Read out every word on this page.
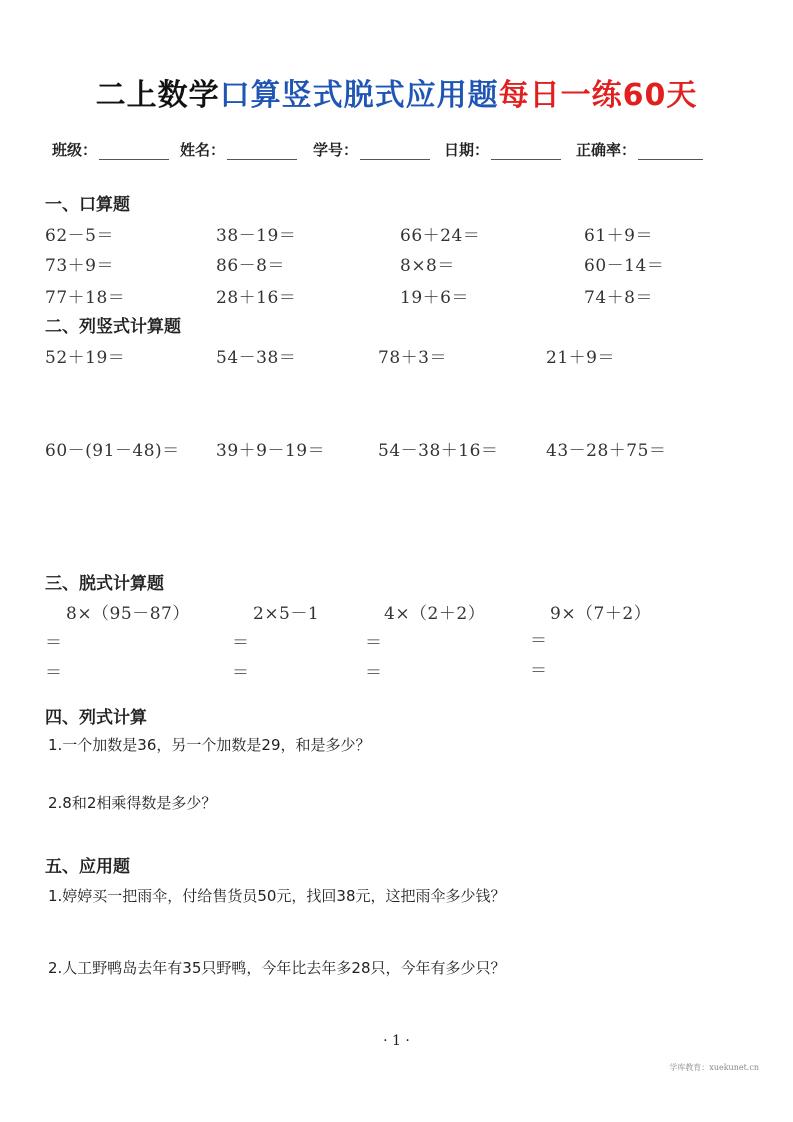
二上数学口算竖式脱式应用题每日一练60天
班级：	姓名：	学号：	日期：	正确率：
一、口算题
62－5＝	38－19＝	66＋24＝	61＋9＝
73＋9＝	86－8＝	8×8＝	60－14＝
77＋18＝	28＋16＝	19＋6＝	74＋8＝
二、列竖式计算题
52＋19＝	54－38＝	78＋3＝	21＋9＝
60－(91－48)＝ 39＋9－19＝	54－38＋16＝	43－28＋75＝
三、脱式计算题
8×（95－87）	2×5－1	4×（2＋2）	9×（7＋2）
＝	＝	＝	＝
＝	＝	＝	＝
四、列式计算
1.一个加数是36，另一个加数是29，和是多少？
2.8和2相乘得数是多少？
五、应用题
1.婷婷买一把雨伞，付给售货员50元，找回38元，这把雨伞多少钱？
2.人工野鸭岛去年有35只野鸭，今年比去年多28只，今年有多少只？
· 1 ·
学库教育：xuekunet.cn
